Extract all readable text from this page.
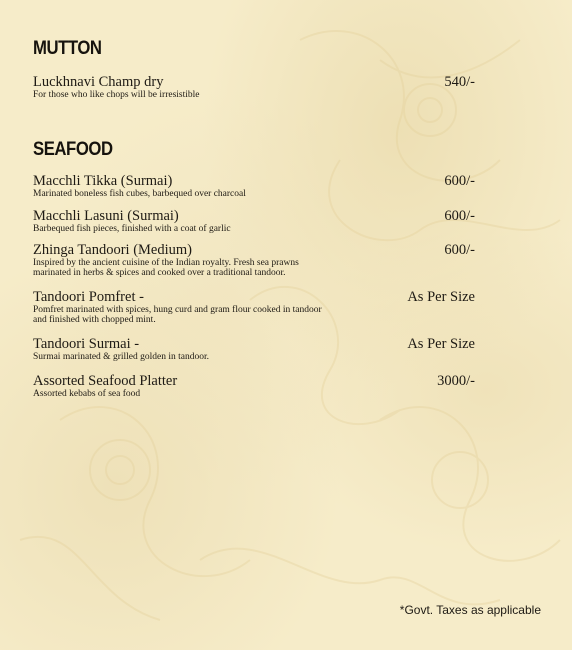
MUTTON
Luckhnavi Champ dry
For those who like chops will be irresistible
540/-
SEAFOOD
Macchli Tikka (Surmai)
Marinated boneless fish cubes, barbequed over charcoal
600/-
Macchli Lasuni (Surmai)
Barbequed fish pieces, finished with a coat of garlic
600/-
Zhinga Tandoori (Medium)
Inspired by the ancient cuisine of the Indian royalty. Fresh sea prawns marinated in herbs & spices and cooked over a traditional tandoor.
600/-
Tandoori Pomfret -
Pomfret marinated with spices, hung curd and gram flour cooked in tandoor and finished with chopped mint.
As Per Size
Tandoori Surmai -
Surmai marinated & grilled golden in tandoor.
As Per Size
Assorted Seafood Platter
Assorted kebabs of sea food
3000/-
*Govt. Taxes as applicable
